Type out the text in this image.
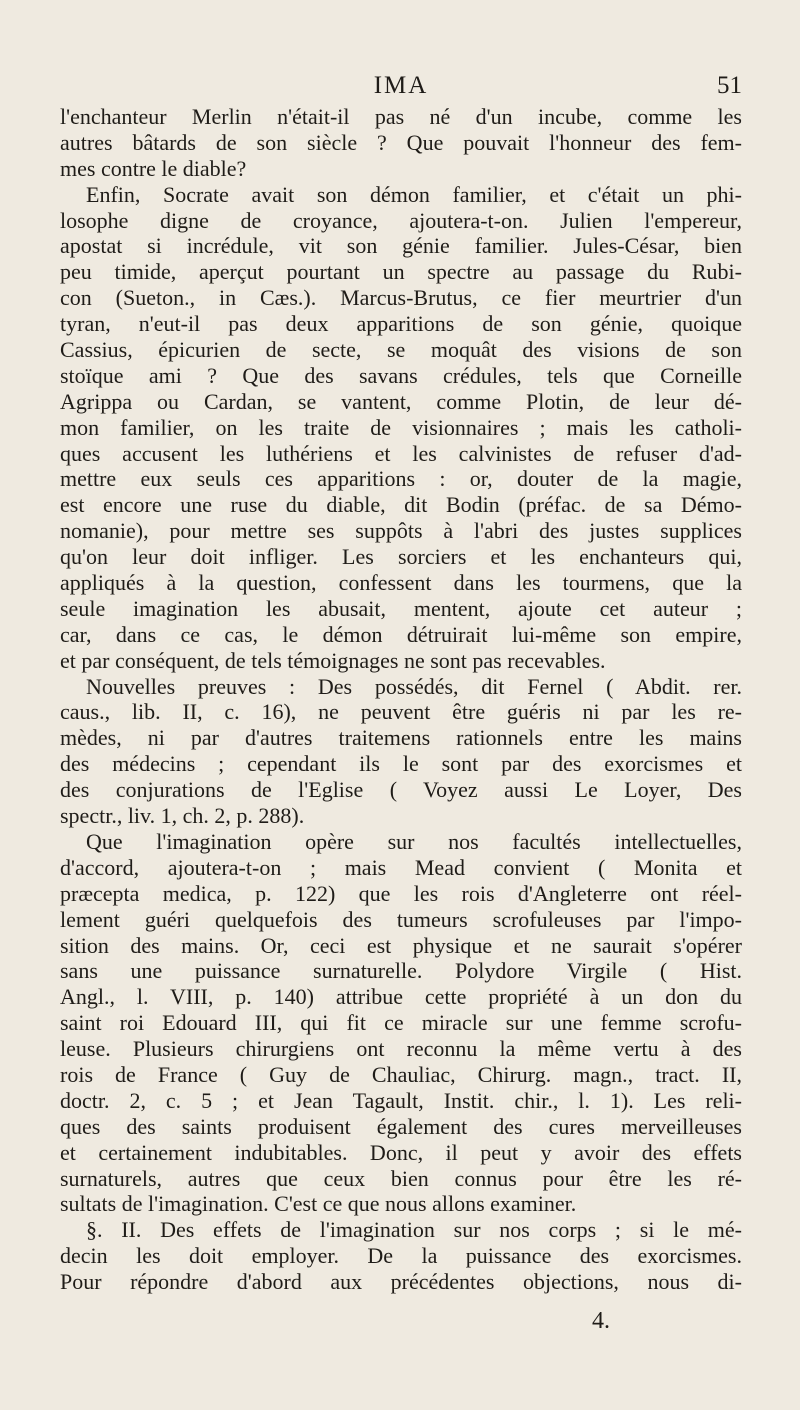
IMA	51
l'enchanteur Merlin n'était-il pas né d'un incube, comme les
autres bâtards de son siècle ? Que pouvait l'honneur des fem-
mes contre le diable?
Enfin, Socrate avait son démon familier, et c'était un phi-
losophe digne de croyance, ajoutera-t-on. Julien l'empereur,
apostat si incrédule, vit son génie familier. Jules-César, bien
peu timide, aperçut pourtant un spectre au passage du Rubi-
con (Sueton., in Cæs.). Marcus-Brutus, ce fier meurtrier d'un
tyran, n'eut-il pas deux apparitions de son génie, quoique
Cassius, épicurien de secte, se moquât des visions de son
stoïque ami ? Que des savans crédules, tels que Corneille
Agrippa ou Cardan, se vantent, comme Plotin, de leur dé-
mon familier, on les traite de visionnaires ; mais les catholi-
ques accusent les luthériens et les calvinistes de refuser d'ad-
mettre eux seuls ces apparitions : or, douter de la magie,
est encore une ruse du diable, dit Bodin (préfac. de sa Démo-
nomanie), pour mettre ses suppôts à l'abri des justes supplices
qu'on leur doit infliger. Les sorciers et les enchanteurs qui,
appliqués à la question, confessent dans les tourmens, que la
seule imagination les abusait, mentent, ajoute cet auteur ;
car, dans ce cas, le démon détruirait lui-même son empire,
et par conséquent, de tels témoignages ne sont pas recevables.
Nouvelles preuves : Des possédés, dit Fernel ( Abdit. rer.
caus., lib. II, c. 16), ne peuvent être guéris ni par les re-
mèdes, ni par d'autres traitemens rationnels entre les mains
des médecins ; cependant ils le sont par des exorcismes et
des conjurations de l'Eglise ( Voyez aussi Le Loyer, Des
spectr., liv. 1, ch. 2, p. 288).
Que l'imagination opère sur nos facultés intellectuelles,
d'accord, ajoutera-t-on ; mais Mead convient ( Monita et
præcepta medica, p. 122) que les rois d'Angleterre ont réel-
lement guéri quelquefois des tumeurs scrofuleuses par l'impo-
sition des mains. Or, ceci est physique et ne saurait s'opérer
sans une puissance surnaturelle. Polydore Virgile ( Hist.
Angl., l. VIII, p. 140) attribue cette propriété à un don du
saint roi Edouard III, qui fit ce miracle sur une femme scrofu-
leuse. Plusieurs chirurgiens ont reconnu la même vertu à des
rois de France ( Guy de Chauliac, Chirurg. magn., tract. II,
doctr. 2, c. 5 ; et Jean Tagault, Instit. chir., l. 1). Les reli-
ques des saints produisent également des cures merveilleuses
et certainement indubitables. Donc, il peut y avoir des effets
surnaturels, autres que ceux bien connus pour être les ré-
sultats de l'imagination. C'est ce que nous allons examiner.
§. II. Des effets de l'imagination sur nos corps ; si le mé-
decin les doit employer. De la puissance des exorcismes.
Pour répondre d'abord aux précédentes objections, nous di-
4.
